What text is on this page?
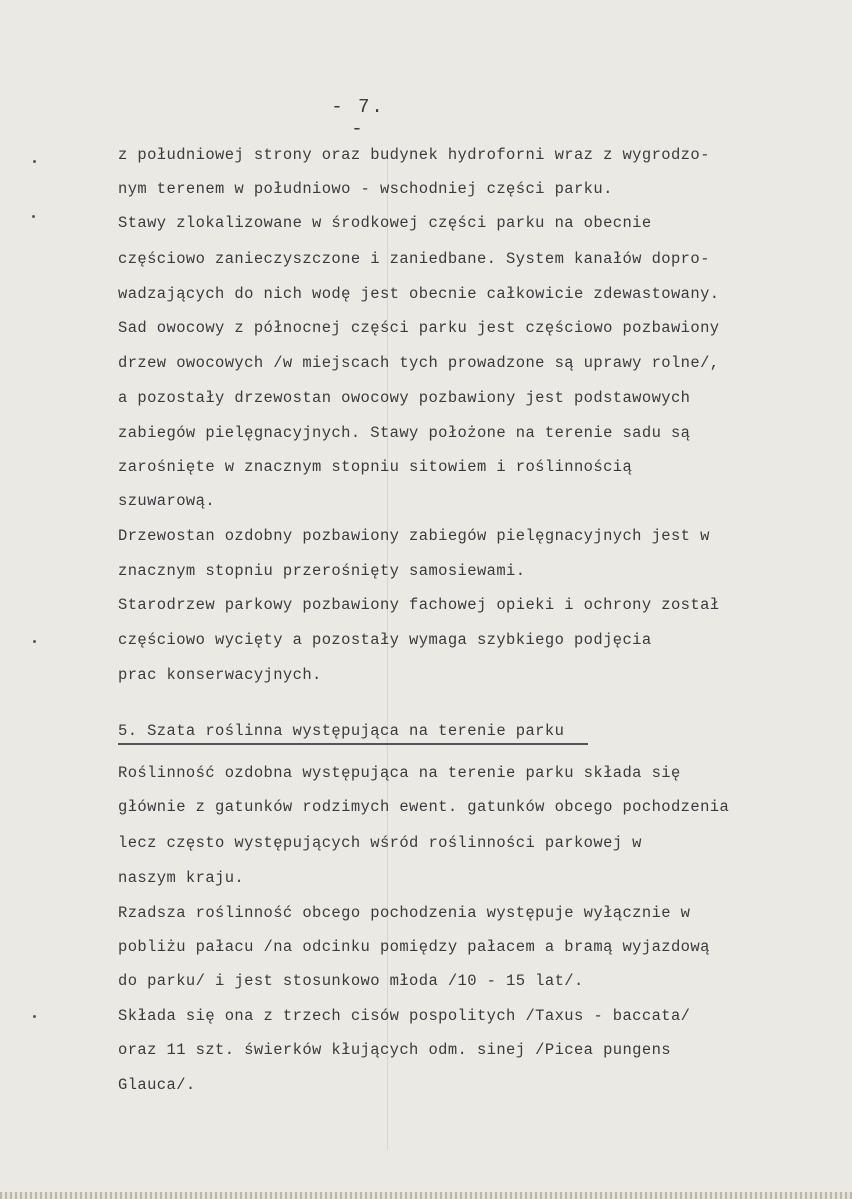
- 7. -
z południowej strony oraz budynek hydroforni wraz z wygrodzo-
nym terenem w południowo - wschodniej części parku.
Stawy zlokalizowane w środkowej części parku na obecnie
częściowo zanieczyszczone i zaniedbane. System kanałów dopro-
wadzających do nich wodę jest obecnie całkowicie zdewastowany.
Sad owocowy z północnej części parku jest częściowo pozbawiony
drzew owocowych /w miejscach tych prowadzone są uprawy rolne/,
a pozostały drzewostan owocowy pozbawiony jest podstawowych
zabiegów pielęgnacyjnych. Stawy położone na terenie sadu są
zarośnięte w znacznym stopniu sitowiem i roślinnością
szuwarową.
Drzewostan ozdobny pozbawiony zabiegów pielęgnacyjnych jest w
znacznym stopniu przerośnięty samosiewami.
Starodrzew parkowy pozbawiony fachowej opieki i ochrony został
częściowo wycięty a pozostały wymaga szybkiego podjęcia
prac konserwacyjnych.
5. Szata roślinna występująca na terenie parku
Roślinność ozdobna występująca na terenie parku składa się
głównie z gatunków rodzimych ewent. gatunków obcego pochodzenia
lecz często występujących wśród roślinności parkowej w
naszym kraju.
Rzadsza roślinność obcego pochodzenia występuje wyłącznie w
pobliżu pałacu /na odcinku pomiędzy pałacem a bramą wyjazdową
do parku/ i jest stosunkowo młoda /10 - 15 lat/.
Składa się ona z trzech cisów pospolitych /Taxus - baccata/
oraz 11 szt. świerków kłujących odm. sinej /Picea pungens
Glauca/.
